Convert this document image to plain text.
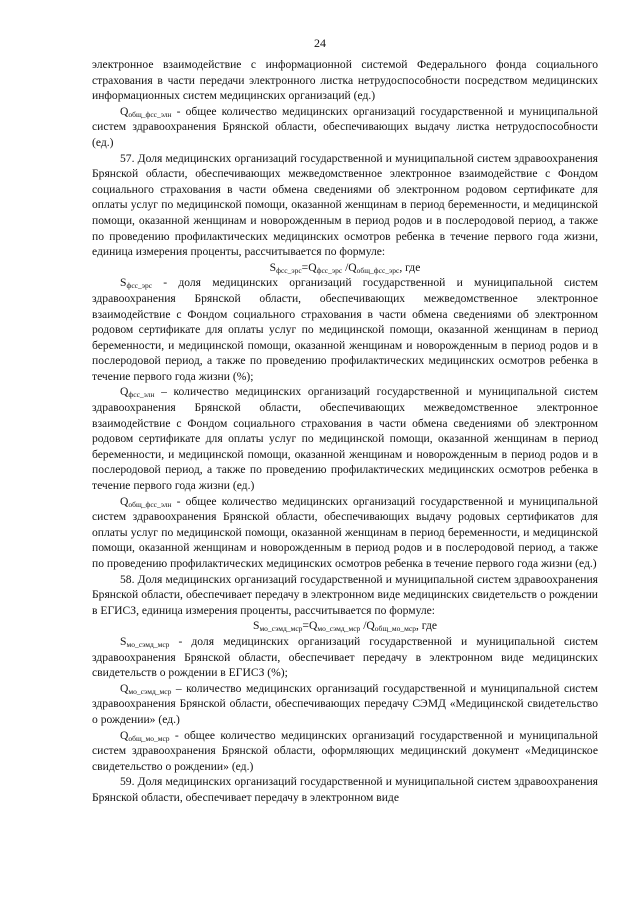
24

электронное взаимодействие с информационной системой Федерального фонда социального страхования в части передачи электронного листка нетрудоспособности посредством медицинских информационных систем медицинских организаций (ед.)

$Q_{общ\_фсс\_элн}$ - общее количество медицинских организаций государственной и муниципальной систем здравоохранения Брянской области, обеспечивающих выдачу листка нетрудоспособности (ед.)

57. Доля медицинских организаций государственной и муниципальной систем здравоохранения Брянской области, обеспечивающих межведомственное электронное взаимодействие с Фондом социального страхования в части обмена сведениями об электронном родовом сертификате для оплаты услуг по медицинской помощи, оказанной женщинам в период беременности, и медицинской помощи, оказанной женщинам и новорожденным в период родов и в послеродовой период, а также по проведению профилактических медицинских осмотров ребенка в течение первого года жизни, единица измерения проценты, рассчитывается по формуле:

$S_{фсс\_эрс}=Q_{фсс\_эрс}$ $/Q_{общ\_фсс\_эрс}$, где

$S_{фсс\_эрс}$ - доля медицинских организаций государственной и муниципальной систем здравоохранения Брянской области, обеспечивающих межведомственное электронное взаимодействие с Фондом социального страхования в части обмена сведениями об электронном родовом сертификате для оплаты услуг по медицинской помощи, оказанной женщинам в период беременности, и медицинской помощи, оказанной женщинам и новорожденным в период родов и в послеродовой период, а также по проведению профилактических медицинских осмотров ребенка в течение первого года жизни (%);

$Q_{фсс\_элн}$ – количество медицинских организаций государственной и муниципальной систем здравоохранения Брянской области, обеспечивающих межведомственное электронное взаимодействие с Фондом социального страхования в части обмена сведениями об электронном родовом сертификате для оплаты услуг по медицинской помощи, оказанной женщинам в период беременности, и медицинской помощи, оказанной женщинам и новорожденным в период родов и в послеродовой период, а также по проведению профилактических медицинских осмотров ребенка в течение первого года жизни (ед.)

$Q_{общ\_фсс\_элн}$ - общее количество медицинских организаций государственной и муниципальной систем здравоохранения Брянской области, обеспечивающих выдачу родовых сертификатов для оплаты услуг по медицинской помощи, оказанной женщинам в период беременности, и медицинской помощи, оказанной женщинам и новорожденным в период родов и в послеродовой период, а также по проведению профилактических медицинских осмотров ребенка в течение первого года жизни (ед.)

58. Доля медицинских организаций государственной и муниципальной систем здравоохранения Брянской области, обеспечивает передачу в электронном виде медицинских свидетельств о рождении в ЕГИСЗ, единица измерения проценты, рассчитывается по формуле:

$S_{мо\_сэмд\_мср}=Q_{мо\_сэмд\_мср}$ $/Q_{общ\_мо\_мср}$, где

$S_{мо\_сэмд\_мср}$ - доля медицинских организаций государственной и муниципальной систем здравоохранения Брянской области, обеспечивает передачу в электронном виде медицинских свидетельств о рождении в ЕГИСЗ (%);

$Q_{мо\_сэмд\_мср}$ – количество медицинских организаций государственной и муниципальной систем здравоохранения Брянской области, обеспечивающих передачу СЭМД «Медицинской свидетельство о рождении» (ед.)

$Q_{общ\_мо\_мср}$ - общее количество медицинских организаций государственной и муниципальной систем здравоохранения Брянской области, оформляющих медицинский документ «Медицинское свидетельство о рождении» (ед.)

59. Доля медицинских организаций государственной и муниципальной систем здравоохранения Брянской области, обеспечивает передачу в электронном виде
